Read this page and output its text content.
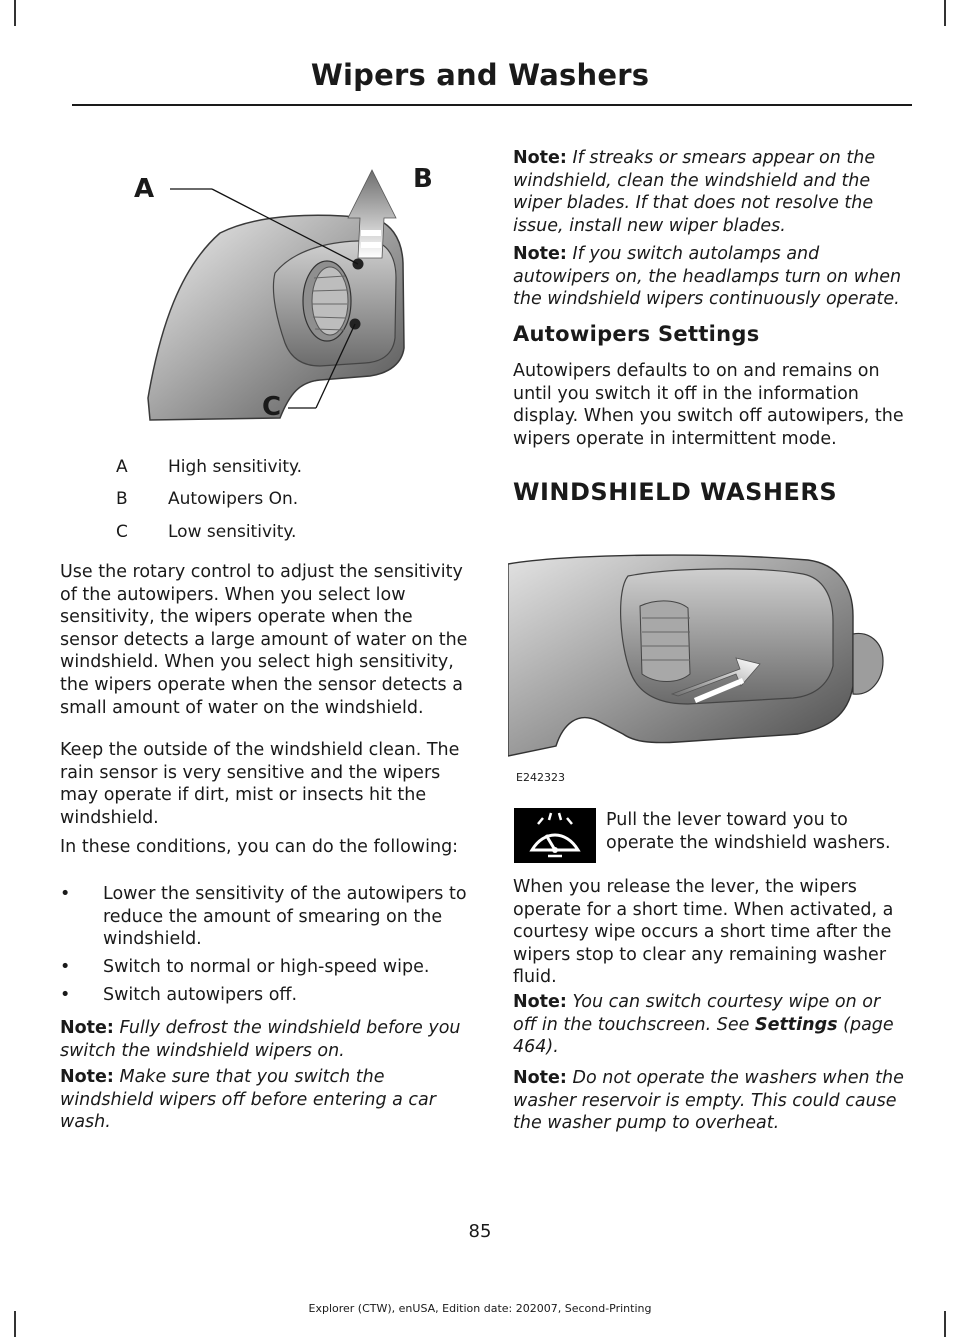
Wipers and Washers
A	B
C
A High sensitivity.
B Autowipers On.
C Low sensitivity.

Use the rotary control to adjust the sensitivity of the autowipers. When you select low sensitivity, the wipers operate when the sensor detects a large amount of water on the windshield. When you select high sensitivity, the wipers operate when the sensor detects a small amount of water on the windshield.

Keep the outside of the windshield clean. The rain sensor is very sensitive and the wipers may operate if dirt, mist or insects hit the windshield.

In these conditions, you can do the following:

• Lower the sensitivity of the autowipers to reduce the amount of smearing on the windshield.
• Switch to normal or high-speed wipe.
• Switch autowipers off.

Note: Fully defrost the windshield before you switch the windshield wipers on.

Note: Make sure that you switch the windshield wipers off before entering a car wash.

Note: If streaks or smears appear on the windshield, clean the windshield and the wiper blades. If that does not resolve the issue, install new wiper blades.

Note: If you switch autolamps and autowipers on, the headlamps turn on when the windshield wipers continuously operate.

Autowipers Settings

Autowipers defaults to on and remains on until you switch it off in the information display. When you switch off autowipers, the wipers operate in intermittent mode.

WINDSHIELD WASHERS
E242323

Pull the lever toward you to operate the windshield washers.

When you release the lever, the wipers operate for a short time. When activated, a courtesy wipe occurs a short time after the wipers stop to clear any remaining washer fluid.

Note: You can switch courtesy wipe on or off in the touchscreen. See Settings (page 464).

Note: Do not operate the washers when the washer reservoir is empty. This could cause the washer pump to overheat.

85
Explorer (CTW), enUSA, Edition date: 202007, Second-Printing
